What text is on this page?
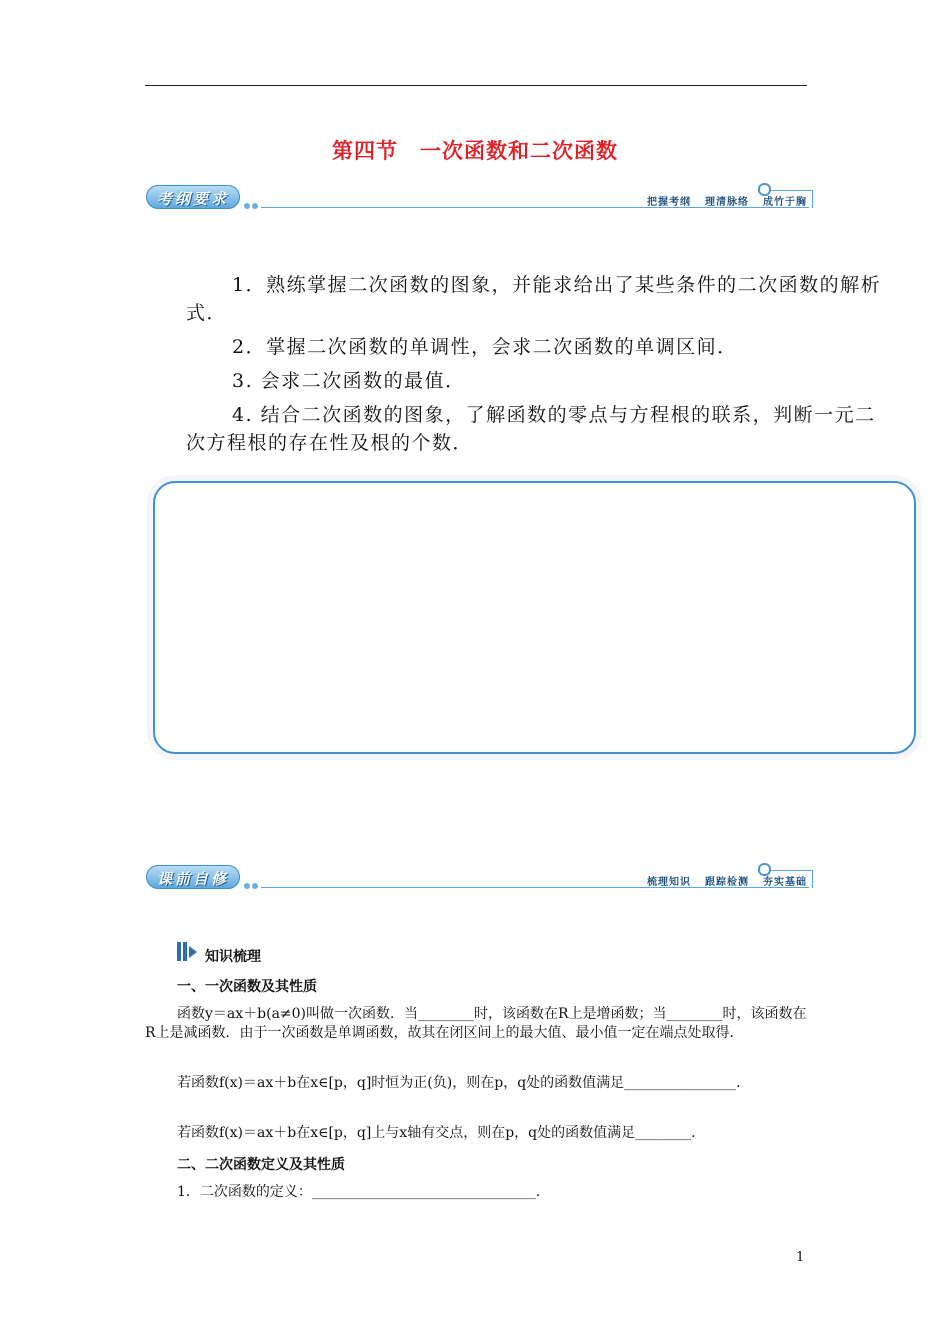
第四节　一次函数和二次函数
考纲要求	把握考纲 理清脉络 成竹于胸

1．熟练掌握二次函数的图象，并能求给出了某些条件的二次函数的解析式．

2．掌握二次函数的单调性，会求二次函数的单调区间．

3. 会求二次函数的最值．

4. 结合二次函数的图象，了解函数的零点与方程根的联系，判断一元二次方程根的存在性及根的个数．

课前自修	梳理知识 跟踪检测 夯实基础
知识梳理
一、一次函数及其性质
函数y＝ax＋b(a≠0)叫做一次函数．当________时，该函数在R上是增函数；当________时，该函数在R上是减函数．由于一次函数是单调函数，故其在闭区间上的最大值、最小值一定在端点处取得．
若函数f(x)＝ax＋b在x∈[p，q]时恒为正(负)，则在p，q处的函数值满足________________．
若函数f(x)＝ax＋b在x∈[p，q]上与x轴有交点，则在p，q处的函数值满足________．
二、二次函数定义及其性质
1．二次函数的定义：________________________________．
1
